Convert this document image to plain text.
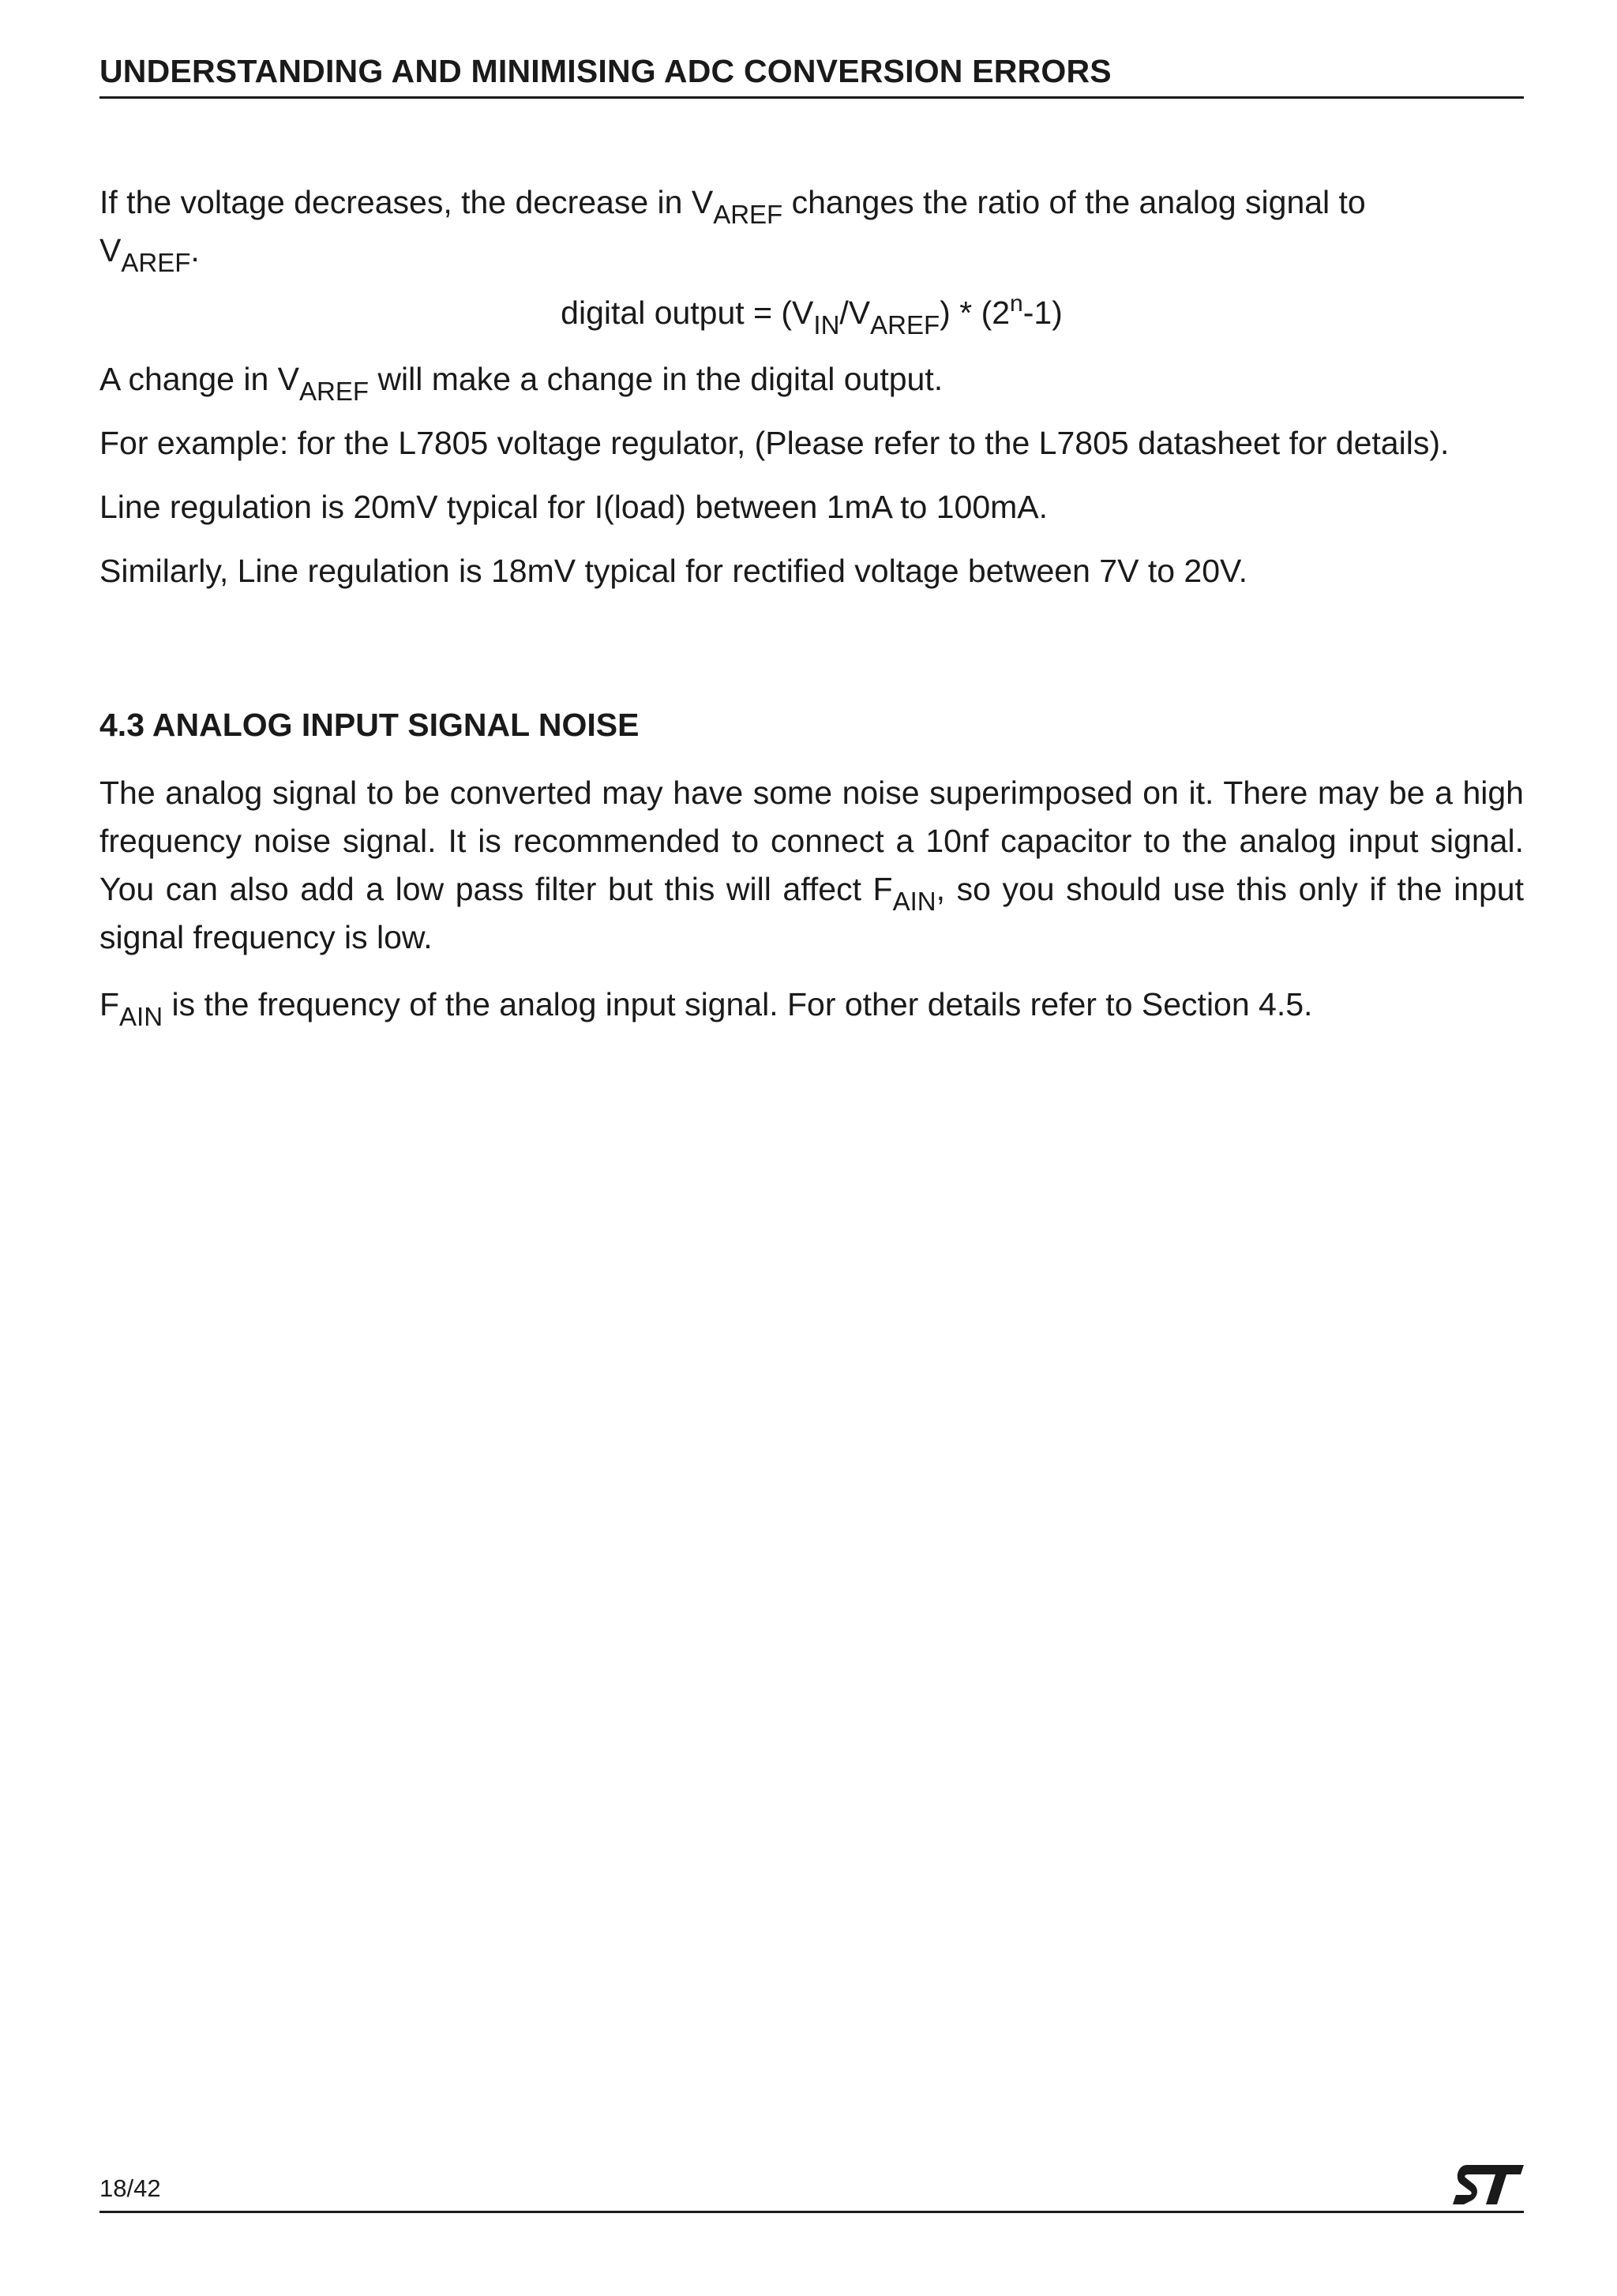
UNDERSTANDING AND MINIMISING ADC CONVERSION ERRORS

If the voltage decreases, the decrease in $V_{AREF}$ changes the ratio of the analog signal to
$V_{AREF}$.

digital output = $(V_{IN}/V_{AREF}) * (2^n-1)$

A change in $V_{AREF}$ will make a change in the digital output.

For example: for the L7805 voltage regulator, (Please refer to the L7805 datasheet for details).

Line regulation is 20mV typical for I(load) between 1mA to 100mA.

Similarly, Line regulation is 18mV typical for rectified voltage between 7V to 20V.

4.3 ANALOG INPUT SIGNAL NOISE

The analog signal to be converted may have some noise superimposed on it. There may be a high frequency noise signal. It is recommended to connect a 10nf capacitor to the analog input signal. You can also add a low pass filter but this will affect $F_{AIN}$, so you should use this only if the input signal frequency is low.

$F_{AIN}$ is the frequency of the analog input signal. For other details refer to Section 4.5.

18/42
